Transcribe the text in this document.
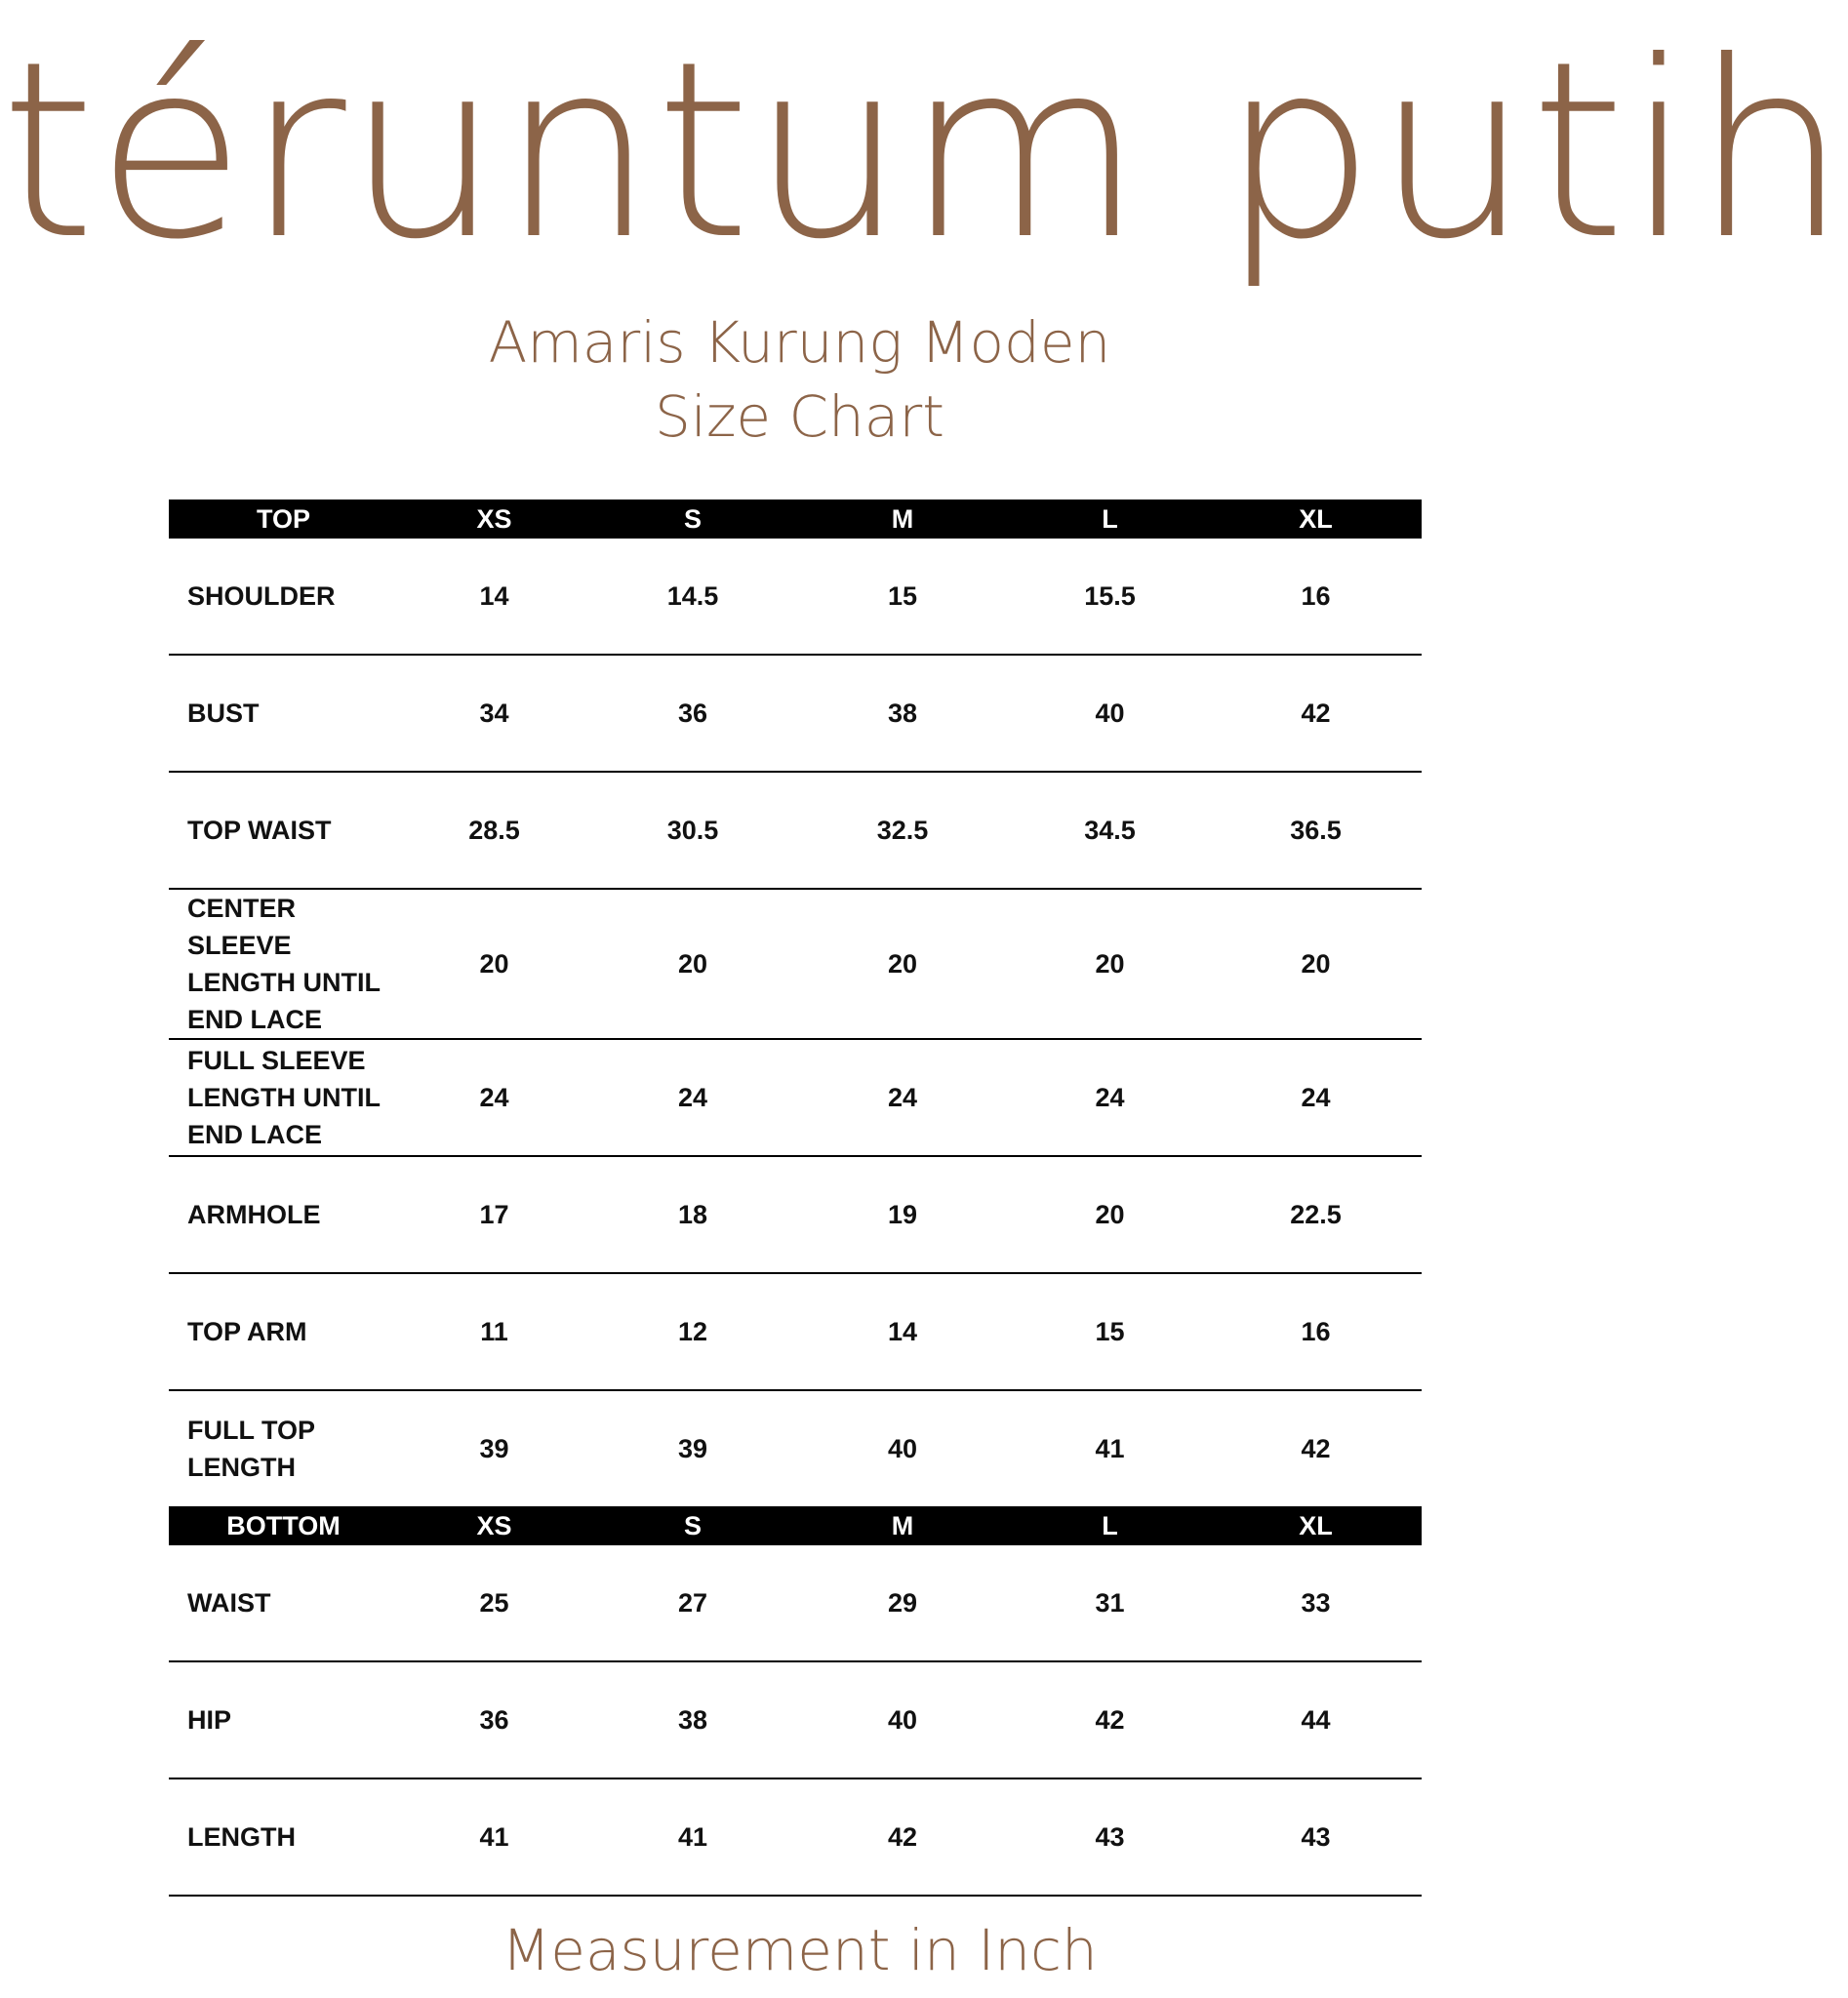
téruntum putih
Amaris Kurung Moden
Size Chart
TOP	XS	S	M	L	XL

SHOULDER	14	14.5	15	15.5	16

BUST	34	36	38	40	42

TOP WAIST	28.5	30.5	32.5	34.5	36.5

CENTER SLEEVE LENGTH UNTIL END LACE	20	20	20	20	20

FULL SLEEVE LENGTH UNTIL END LACE	24	24	24	24	24

ARMHOLE	17	18	19	20	22.5

TOP ARM	11	12	14	15	16

FULL TOP LENGTH	39	39	40	41	42
BOTTOM	XS	S	M	L	XL

WAIST	25	27	29	31	33

HIP	36	38	40	42	44

LENGTH	41	41	42	43	43
Measurement in Inch
